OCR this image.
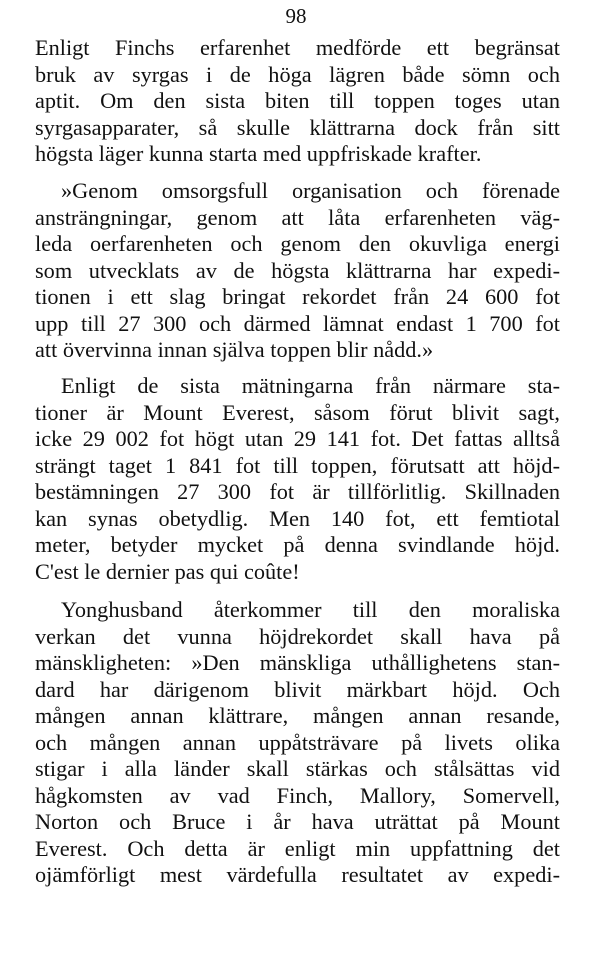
98
Enligt Finchs erfarenhet medförde ett begränsat
bruk av syrgas i de höga lägren både sömn och
aptit. Om den sista biten till toppen toges utan
syrgasapparater, så skulle klättrarna dock från sitt
högsta läger kunna starta med uppfriskade krafter.
»Genom omsorgsfull organisation och förenade
ansträngningar, genom att låta erfarenheten väg-
leda oerfarenheten och genom den okuvliga energi
som utvecklats av de högsta klättrarna har expedi-
tionen i ett slag bringat rekordet från 24 600 fot
upp till 27 300 och därmed lämnat endast 1 700 fot
att övervinna innan själva toppen blir nådd.»
Enligt de sista mätningarna från närmare sta-
tioner är Mount Everest, såsom förut blivit sagt,
icke 29 002 fot högt utan 29 141 fot. Det fattas alltså
strängt taget 1 841 fot till toppen, förutsatt att höjd-
bestämningen 27 300 fot är tillförlitlig. Skillnaden
kan synas obetydlig. Men 140 fot, ett femtiotal
meter, betyder mycket på denna svindlande höjd.
C'est le dernier pas qui coûte!
Yonghusband återkommer till den moraliska
verkan det vunna höjdrekordet skall hava på
mänskligheten: »Den mänskliga uthållighetens stan-
dard har därigenom blivit märkbart höjd. Och
mången annan klättrare, mången annan resande,
och mången annan uppåtsträvare på livets olika
stigar i alla länder skall stärkas och stålsättas vid
hågkomsten av vad Finch, Mallory, Somervell,
Norton och Bruce i år hava uträttat på Mount
Everest. Och detta är enligt min uppfattning det
ojämförligt mest värdefulla resultatet av expedi-
